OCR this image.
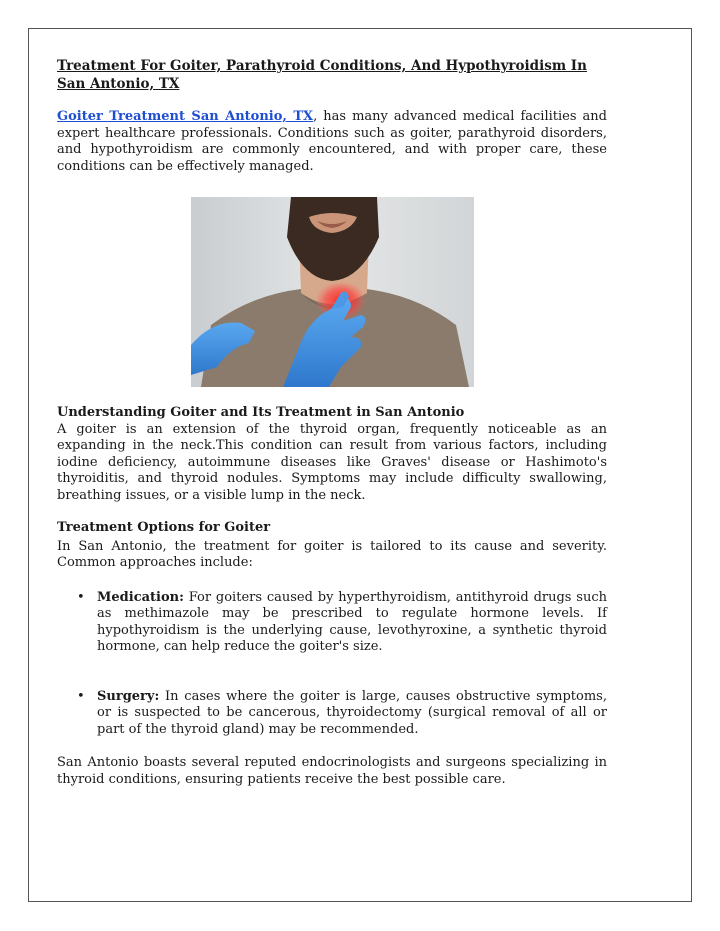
Treatment For Goiter, Parathyroid Conditions, And Hypothyroidism In San Antonio, TX

Goiter Treatment San Antonio, TX, has many advanced medical facilities and expert healthcare professionals. Conditions such as goiter, parathyroid disorders, and hypothyroidism are commonly encountered, and with proper care, these conditions can be effectively managed.

Understanding Goiter and Its Treatment in San Antonio

A goiter is an extension of the thyroid organ, frequently noticeable as an expanding in the neck.This condition can result from various factors, including iodine deficiency, autoimmune diseases like Graves' disease or Hashimoto's thyroiditis, and thyroid nodules. Symptoms may include difficulty swallowing, breathing issues, or a visible lump in the neck.

Treatment Options for Goiter

In San Antonio, the treatment for goiter is tailored to its cause and severity. Common approaches include:

• Medication: For goiters caused by hyperthyroidism, antithyroid drugs such as methimazole may be prescribed to regulate hormone levels. If hypothyroidism is the underlying cause, levothyroxine, a synthetic thyroid hormone, can help reduce the goiter's size.

• Surgery: In cases where the goiter is large, causes obstructive symptoms, or is suspected to be cancerous, thyroidectomy (surgical removal of all or part of the thyroid gland) may be recommended.

San Antonio boasts several reputed endocrinologists and surgeons specializing in thyroid conditions, ensuring patients receive the best possible care.
